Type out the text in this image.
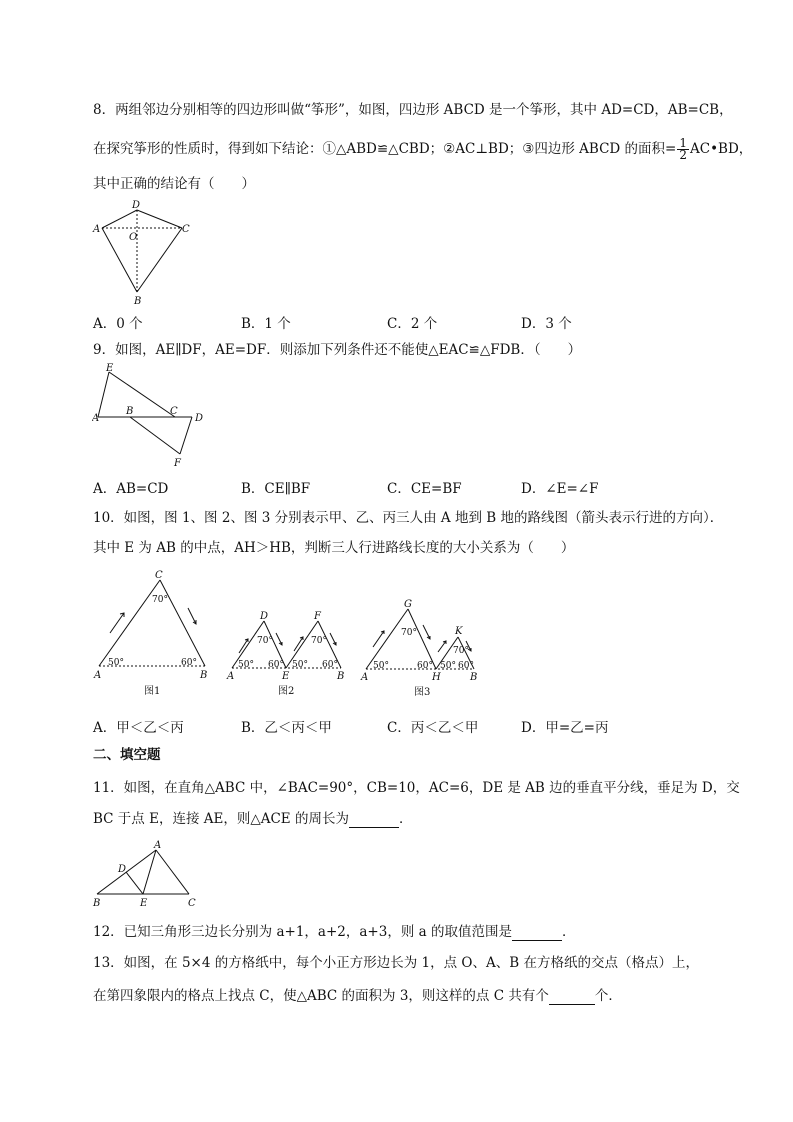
8．两组邻边分别相等的四边形叫做“筝形”，如图，四边形 ABCD 是一个筝形，其中 AD=CD，AB=CB，
在探究筝形的性质时，得到如下结论：①△ABD≌△CBD；②AC⊥BD；③四边形 ABCD 的面积= $\frac{1}{2}$ AC•BD，
其中正确的结论有（　　）
D
A	C
O
B
A．0 个	B．1 个	C．2 个	D．3 个
9．如图，AE∥DF，AE=DF．则添加下列条件还不能使△EAC≌△FDB．（　　）
E
A
B	C
D
F
A．AB=CD	B．CE∥BF	C．CE=BF	D．∠E=∠F
10．如图，图 1、图 2、图 3 分别表示甲、乙、丙三人由 A 地到 B 地的路线图（箭头表示行进的方向）．
其中 E 为 AB 的中点，AH＞HB，判断三人行进路线长度的大小关系为（　　）
C
70°
50°	60°
A	B
图1
D	F
70°	70°
50° 60° 50° 60°
A	E	B
图2
G
K
70°
70°
50°	60° 50° 60°
A	H	B
图3
A．甲＜乙＜丙	B．乙＜丙＜甲	C．丙＜乙＜甲	D．甲=乙=丙
二、填空题
11．如图，在直角△ABC 中，∠BAC=90°，CB=10，AC=6，DE 是 AB 边的垂直平分线，垂足为 D，交
BC 于点 E，连接 AE，则△ACE 的周长为	．
A
D
B	E	C
12．已知三角形三边长分别为 a+1，a+2，a+3，则 a 的取值范围是	．
13．如图，在 5×4 的方格纸中，每个小正方形边长为 1，点 O、A、B 在方格纸的交点（格点）上，
在第四象限内的格点上找点 C，使△ABC 的面积为 3，则这样的点 C 共有个	个．
